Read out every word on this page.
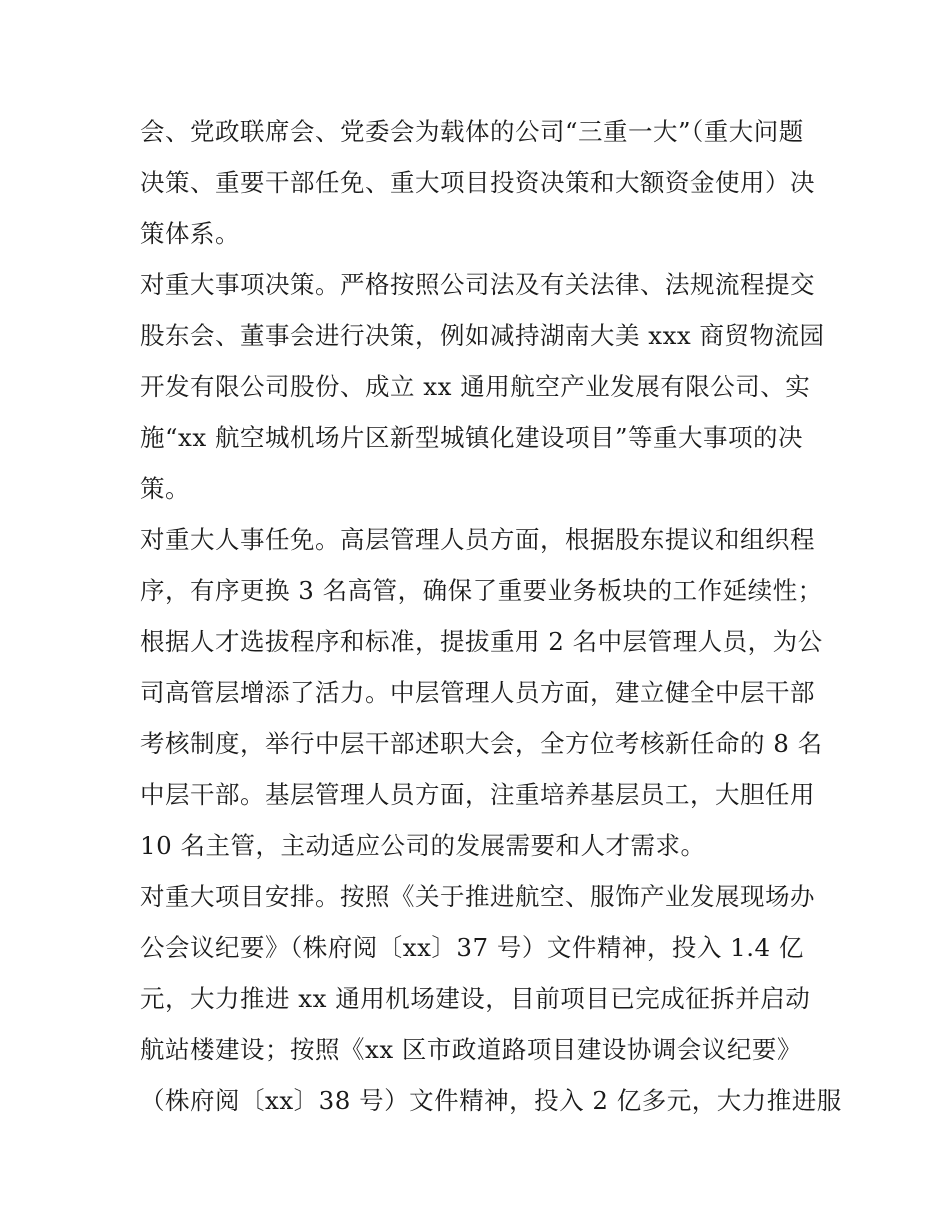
会、党政联席会、党委会为载体的公司“三重一大”（重大问题
决策、重要干部任免、重大项目投资决策和大额资金使用）决
策体系。
对重大事项决策。严格按照公司法及有关法律、法规流程提交
股东会、董事会进行决策，例如减持湖南大美 xxx 商贸物流园
开发有限公司股份、成立 xx 通用航空产业发展有限公司、实
施“xx 航空城机场片区新型城镇化建设项目”等重大事项的决
策。
对重大人事任免。高层管理人员方面，根据股东提议和组织程
序，有序更换 3 名高管，确保了重要业务板块的工作延续性；
根据人才选拔程序和标准，提拔重用 2 名中层管理人员，为公
司高管层增添了活力。中层管理人员方面，建立健全中层干部
考核制度，举行中层干部述职大会，全方位考核新任命的 8 名
中层干部。基层管理人员方面，注重培养基层员工，大胆任用
10 名主管，主动适应公司的发展需要和人才需求。
对重大项目安排。按照《关于推进航空、服饰产业发展现场办
公会议纪要》（株府阅〔xx〕37 号）文件精神，投入 1.4 亿
元，大力推进 xx 通用机场建设，目前项目已完成征拆并启动
航站楼建设；按照《xx 区市政道路项目建设协调会议纪要》
（株府阅〔xx〕38 号）文件精神，投入 2 亿多元，大力推进服
